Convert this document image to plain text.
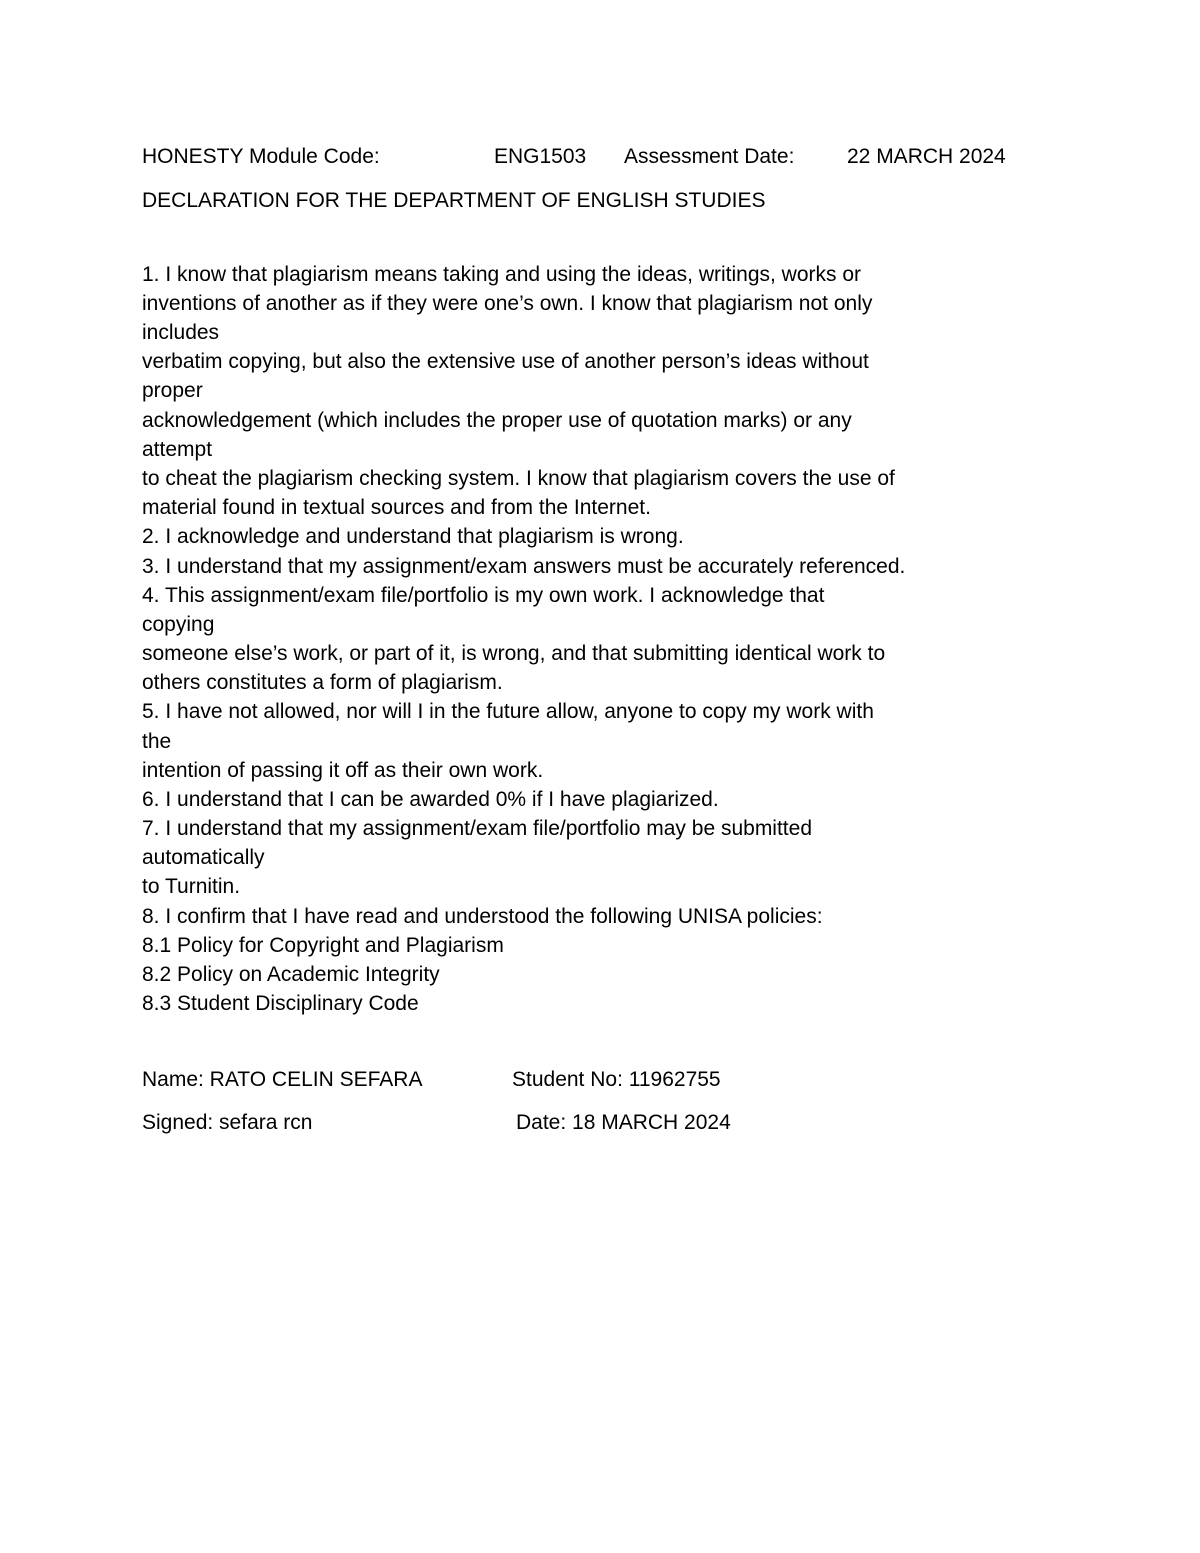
HONESTY Module Code:	ENG1503 Assessment Date:	22 MARCH 2024
DECLARATION FOR THE DEPARTMENT OF ENGLISH STUDIES
1. I know that plagiarism means taking and using the ideas, writings, works or
inventions of another as if they were one’s own. I know that plagiarism not only
includes
verbatim copying, but also the extensive use of another person’s ideas without
proper
acknowledgement (which includes the proper use of quotation marks) or any
attempt
to cheat the plagiarism checking system. I know that plagiarism covers the use of
material found in textual sources and from the Internet.
2. I acknowledge and understand that plagiarism is wrong.
3. I understand that my assignment/exam answers must be accurately referenced.
4. This assignment/exam file/portfolio is my own work. I acknowledge that
copying
someone else’s work, or part of it, is wrong, and that submitting identical work to
others constitutes a form of plagiarism.
5. I have not allowed, nor will I in the future allow, anyone to copy my work with
the
intention of passing it off as their own work.
6. I understand that I can be awarded 0% if I have plagiarized.
7. I understand that my assignment/exam file/portfolio may be submitted
automatically
to Turnitin.
8. I confirm that I have read and understood the following UNISA policies:
8.1 Policy for Copyright and Plagiarism
8.2 Policy on Academic Integrity
8.3 Student Disciplinary Code
Name: RATO CELIN SEFARA	Student No: 11962755
Signed: sefara rcn	Date: 18 MARCH 2024
